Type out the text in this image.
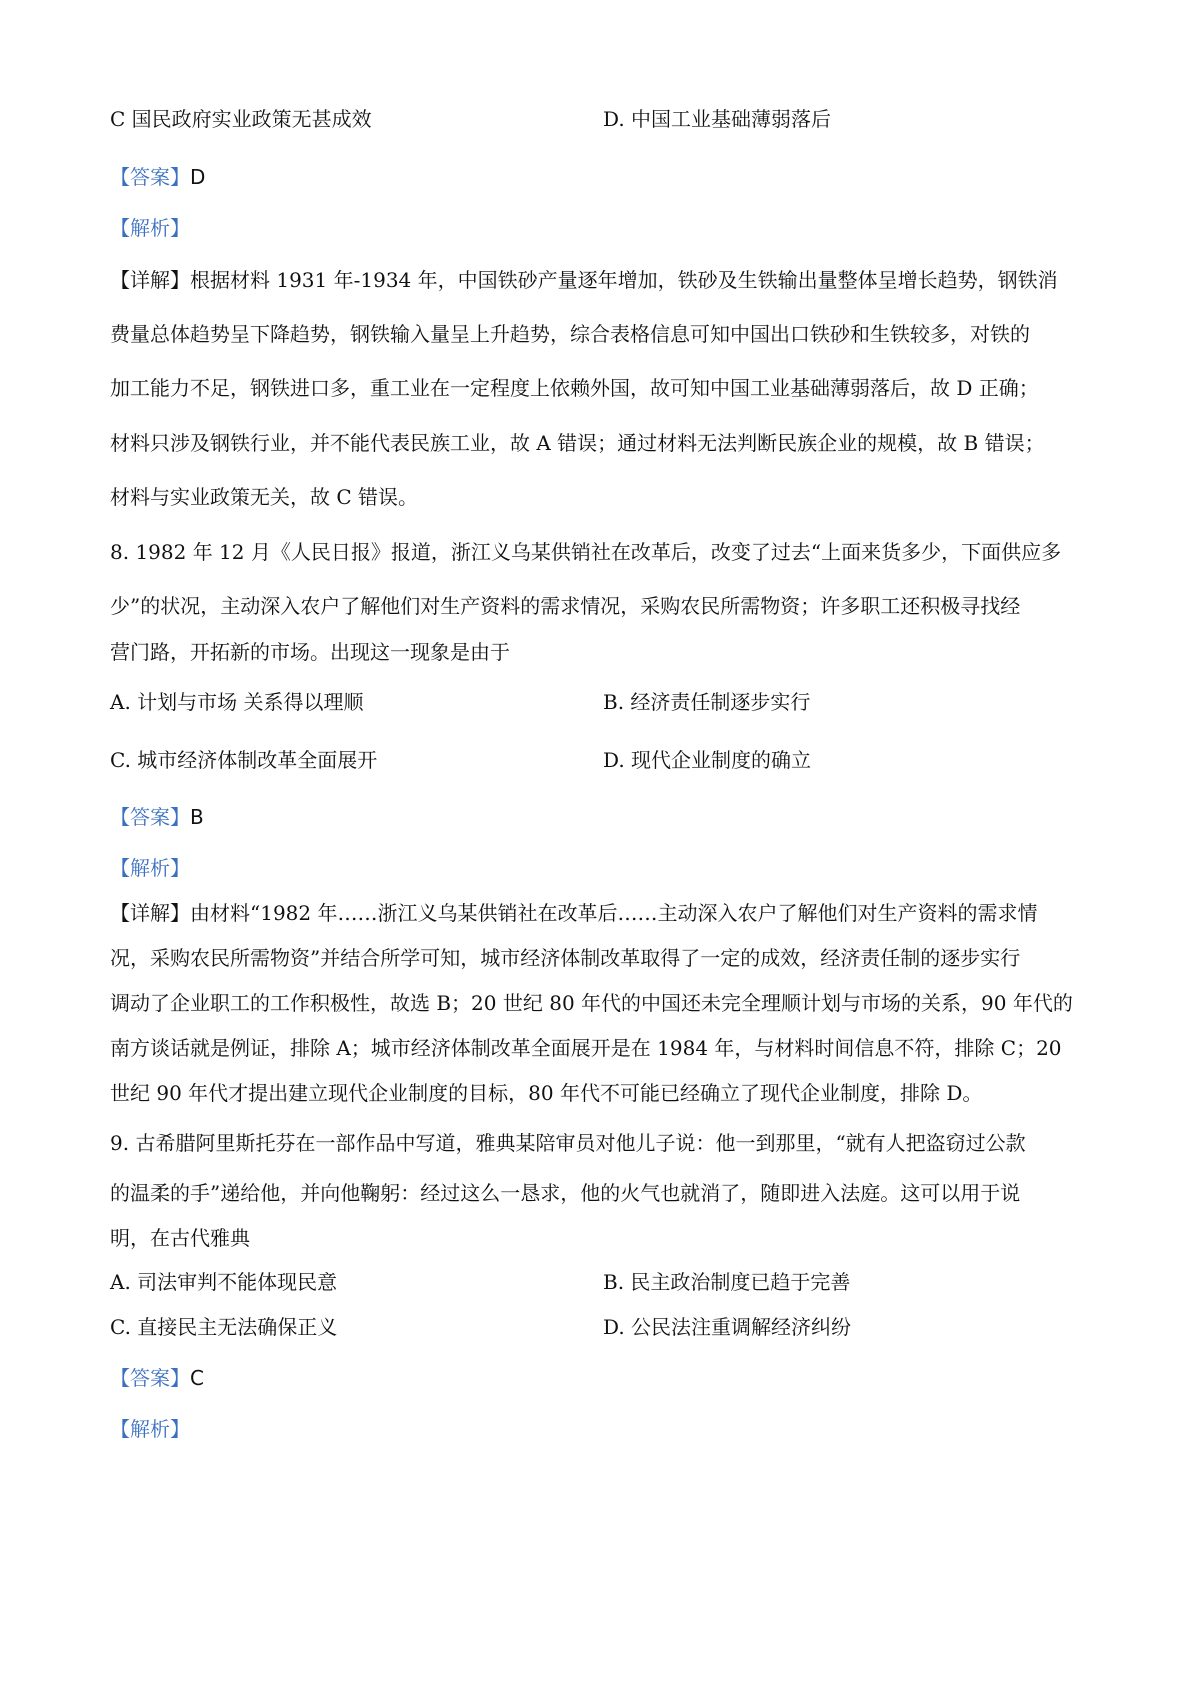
C 国民政府实业政策无甚成效	D. 中国工业基础薄弱落后
【答案】D
【解析】
【详解】根据材料 1931 年-1934 年，中国铁砂产量逐年增加，铁砂及生铁输出量整体呈增长趋势，钢铁消
费量总体趋势呈下降趋势，钢铁输入量呈上升趋势，综合表格信息可知中国出口铁砂和生铁较多，对铁的
加工能力不足，钢铁进口多，重工业在一定程度上依赖外国，故可知中国工业基础薄弱落后，故 D 正确；
材料只涉及钢铁行业，并不能代表民族工业，故 A 错误；通过材料无法判断民族企业的规模，故 B 错误；
材料与实业政策无关，故 C 错误。
8. 1982 年 12 月《人民日报》报道，浙江义乌某供销社在改革后，改变了过去“上面来货多少，下面供应多
少”的状况，主动深入农户了解他们对生产资料的需求情况，采购农民所需物资；许多职工还积极寻找经
营门路，开拓新的市场。出现这一现象是由于
A. 计划与市场 关系得以理顺	B. 经济责任制逐步实行
C. 城市经济体制改革全面展开	D. 现代企业制度的确立
【答案】B
【解析】
【详解】由材料“1982 年……浙江义乌某供销社在改革后……主动深入农户了解他们对生产资料的需求情
况，采购农民所需物资”并结合所学可知，城市经济体制改革取得了一定的成效，经济责任制的逐步实行
调动了企业职工的工作积极性，故选 B；20 世纪 80 年代的中国还未完全理顺计划与市场的关系，90 年代的
南方谈话就是例证，排除 A；城市经济体制改革全面展开是在 1984 年，与材料时间信息不符，排除 C；20
世纪 90 年代才提出建立现代企业制度的目标，80 年代不可能已经确立了现代企业制度，排除 D。
9. 古希腊阿里斯托芬在一部作品中写道，雅典某陪审员对他儿子说：他一到那里，“就有人把盗窃过公款
的温柔的手”递给他，并向他鞠躬：经过这么一恳求，他的火气也就消了，随即进入法庭。这可以用于说
明，在古代雅典
A. 司法审判不能体现民意	B. 民主政治制度已趋于完善
C. 直接民主无法确保正义	D. 公民法注重调解经济纠纷
【答案】C
【解析】
